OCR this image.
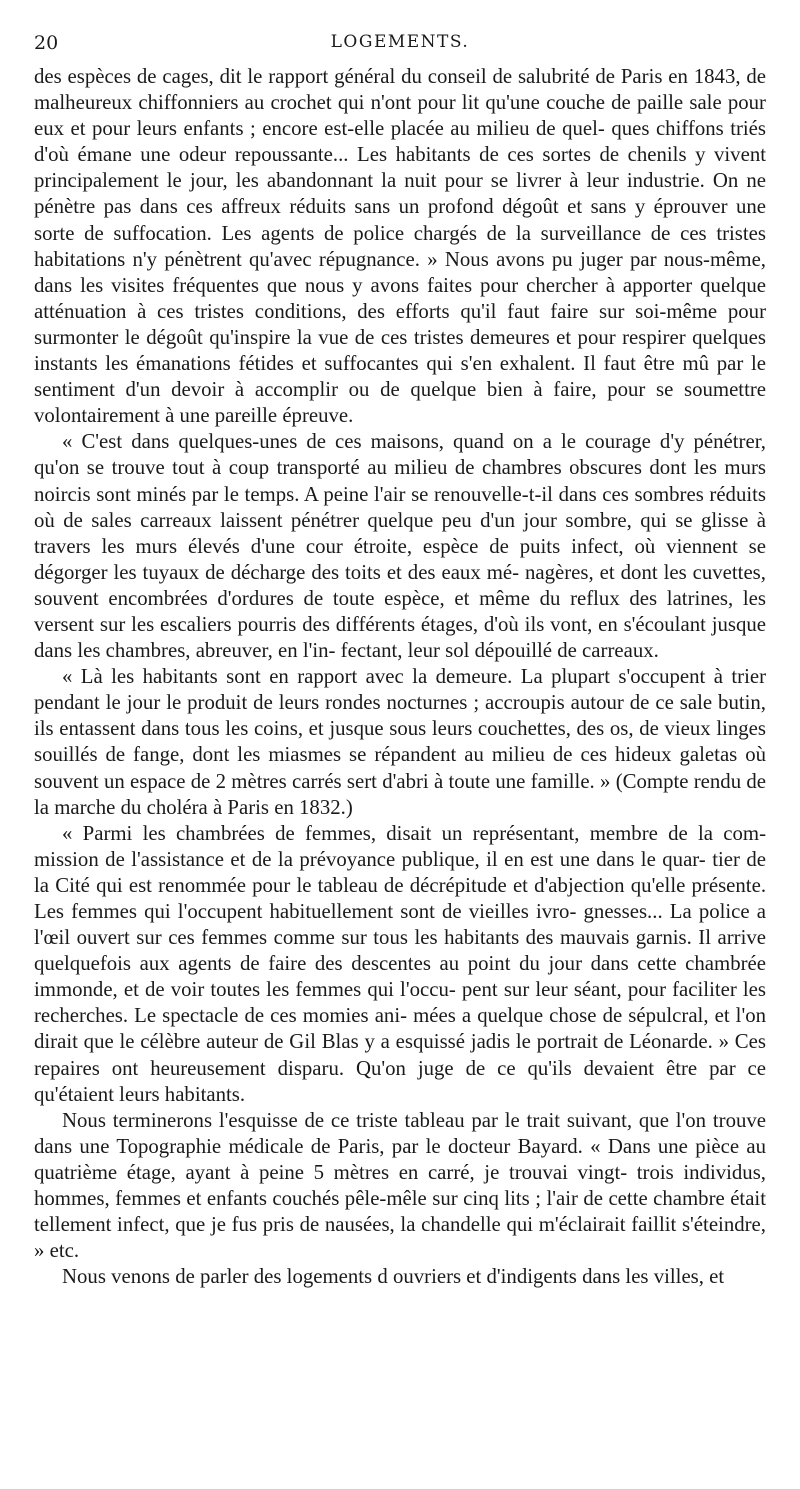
20	LOGEMENTS.

des espèces de cages, dit le rapport général du conseil de salubrité de Paris en 1843, de malheureux chiffonniers au crochet qui n'ont pour lit qu'une couche de paille sale pour eux et pour leurs enfants ; encore est-elle placée au milieu de quel- ques chiffons triés d'où émane une odeur repoussante... Les habitants de ces sortes de chenils y vivent principalement le jour, les abandonnant la nuit pour se livrer à leur industrie. On ne pénètre pas dans ces affreux réduits sans un profond dégoût et sans y éprouver une sorte de suffocation. Les agents de police chargés de la surveillance de ces tristes habitations n'y pénètrent qu'avec répugnance. » Nous avons pu juger par nous-même, dans les visites fréquentes que nous y avons faites pour chercher à apporter quelque atténuation à ces tristes conditions, des efforts qu'il faut faire sur soi-même pour surmonter le dégoût qu'inspire la vue de ces tristes demeures et pour respirer quelques instants les émanations fétides et suffocantes qui s'en exhalent. Il faut être mû par le sentiment d'un devoir à accomplir ou de quelque bien à faire, pour se soumettre volontairement à une pareille épreuve.

« C'est dans quelques-unes de ces maisons, quand on a le courage d'y pénétrer, qu'on se trouve tout à coup transporté au milieu de chambres obscures dont les murs noircis sont minés par le temps. A peine l'air se renouvelle-t-il dans ces sombres réduits où de sales carreaux laissent pénétrer quelque peu d'un jour sombre, qui se glisse à travers les murs élevés d'une cour étroite, espèce de puits infect, où viennent se dégorger les tuyaux de décharge des toits et des eaux mé- nagères, et dont les cuvettes, souvent encombrées d'ordures de toute espèce, et même du reflux des latrines, les versent sur les escaliers pourris des différents étages, d'où ils vont, en s'écoulant jusque dans les chambres, abreuver, en l'in- fectant, leur sol dépouillé de carreaux.

« Là les habitants sont en rapport avec la demeure. La plupart s'occupent à trier pendant le jour le produit de leurs rondes nocturnes ; accroupis autour de ce sale butin, ils entassent dans tous les coins, et jusque sous leurs couchettes, des os, de vieux linges souillés de fange, dont les miasmes se répandent au milieu de ces hideux galetas où souvent un espace de 2 mètres carrés sert d'abri à toute une famille. » (Compte rendu de la marche du choléra à Paris en 1832.)

« Parmi les chambrées de femmes, disait un représentant, membre de la com- mission de l'assistance et de la prévoyance publique, il en est une dans le quar- tier de la Cité qui est renommée pour le tableau de décrépitude et d'abjection qu'elle présente. Les femmes qui l'occupent habituellement sont de vieilles ivro- gnesses... La police a l'œil ouvert sur ces femmes comme sur tous les habitants des mauvais garnis. Il arrive quelquefois aux agents de faire des descentes au point du jour dans cette chambrée immonde, et de voir toutes les femmes qui l'occu- pent sur leur séant, pour faciliter les recherches. Le spectacle de ces momies ani- mées a quelque chose de sépulcral, et l'on dirait que le célèbre auteur de Gil Blas y a esquissé jadis le portrait de Léonarde. » Ces repaires ont heureusement disparu. Qu'on juge de ce qu'ils devaient être par ce qu'étaient leurs habitants.

Nous terminerons l'esquisse de ce triste tableau par le trait suivant, que l'on trouve dans une Topographie médicale de Paris, par le docteur Bayard. « Dans une pièce au quatrième étage, ayant à peine 5 mètres en carré, je trouvai vingt- trois individus, hommes, femmes et enfants couchés pêle-mêle sur cinq lits ; l'air de cette chambre était tellement infect, que je fus pris de nausées, la chandelle qui m'éclairait faillit s'éteindre, » etc.

Nous venons de parler des logements d ouvriers et d'indigents dans les villes, et
